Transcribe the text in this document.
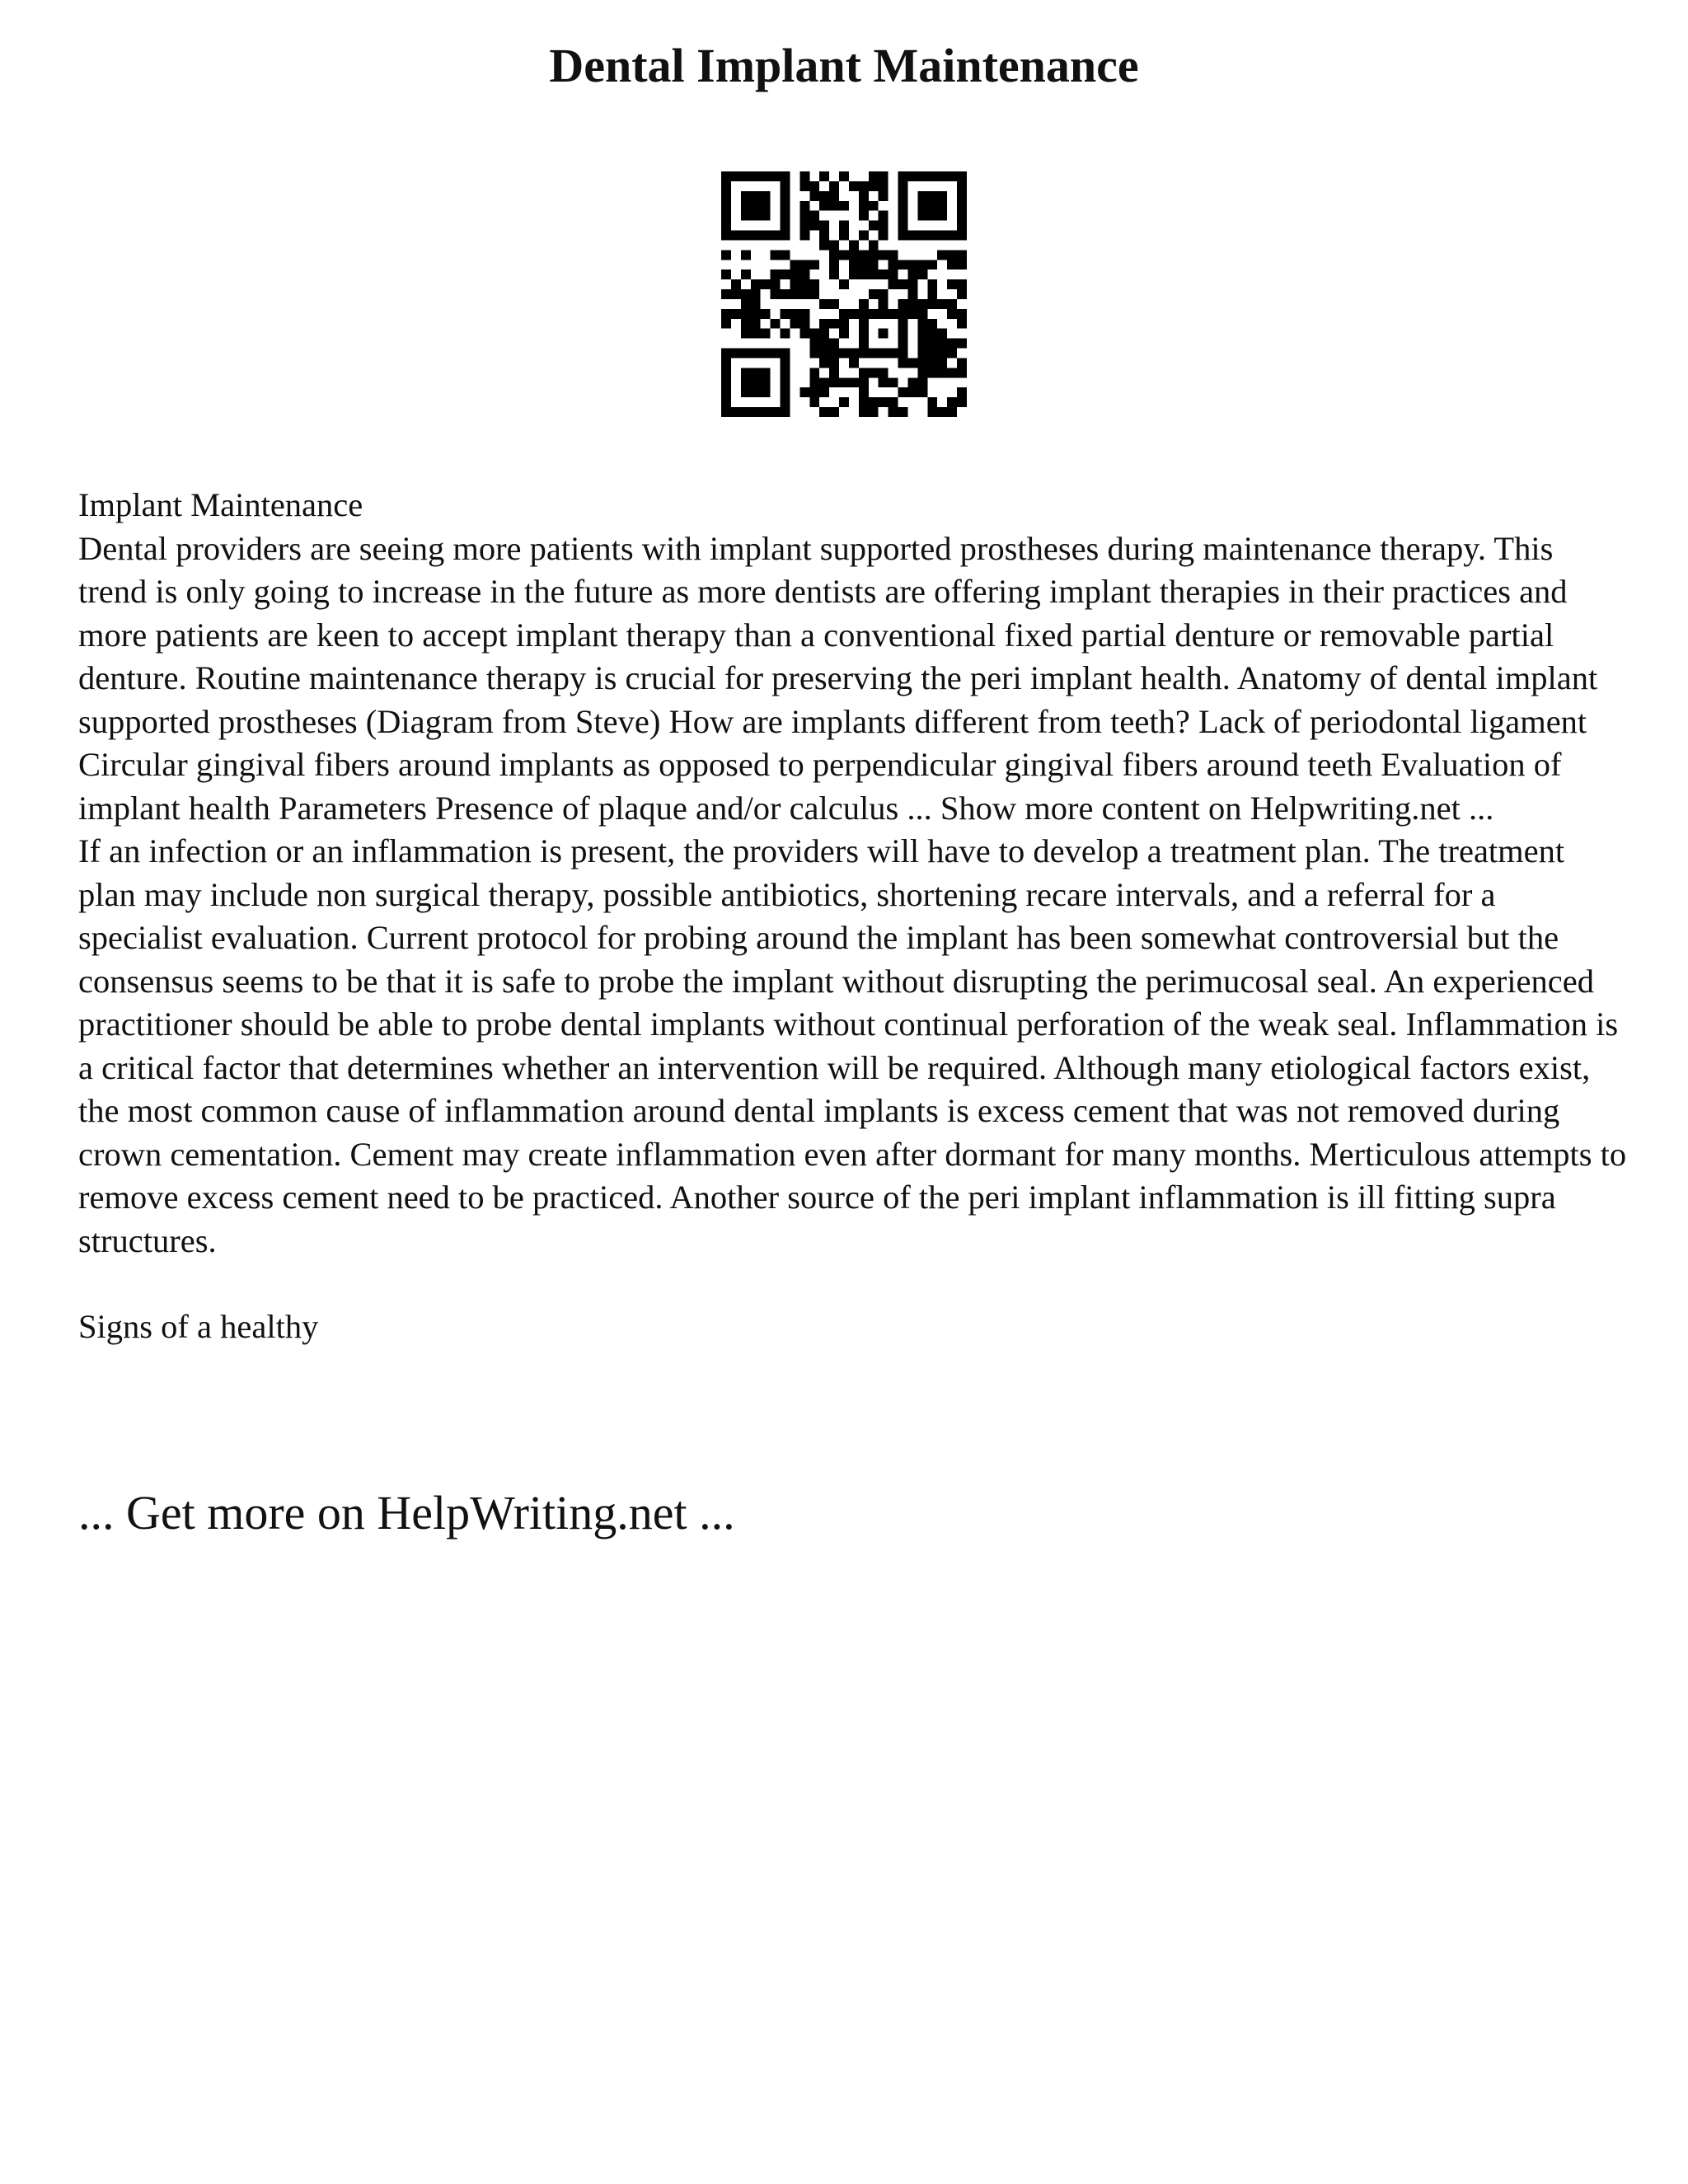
Dental Implant Maintenance

Implant Maintenance

Dental providers are seeing more patients with implant supported prostheses during maintenance therapy. This trend is only going to increase in the future as more dentists are offering implant therapies in their practices and more patients are keen to accept implant therapy than a conventional fixed partial denture or removable partial denture. Routine maintenance therapy is crucial for preserving the peri implant health. Anatomy of dental implant supported prostheses (Diagram from Steve) How are implants different from teeth? Lack of periodontal ligament Circular gingival fibers around implants as opposed to perpendicular gingival fibers around teeth Evaluation of implant health Parameters Presence of plaque and/or calculus ... Show more content on Helpwriting.net ...

If an infection or an inflammation is present, the providers will have to develop a treatment plan. The treatment plan may include non surgical therapy, possible antibiotics, shortening recare intervals, and a referral for a specialist evaluation. Current protocol for probing around the implant has been somewhat controversial but the consensus seems to be that it is safe to probe the implant without disrupting the perimucosal seal. An experienced practitioner should be able to probe dental implants without continual perforation of the weak seal. Inflammation is a critical factor that determines whether an intervention will be required. Although many etiological factors exist, the most common cause of inflammation around dental implants is excess cement that was not removed during crown cementation. Cement may create inflammation even after dormant for many months. Merticulous attempts to remove excess cement need to be practiced. Another source of the peri implant inflammation is ill fitting supra structures.

Signs of a healthy

... Get more on HelpWriting.net ...
